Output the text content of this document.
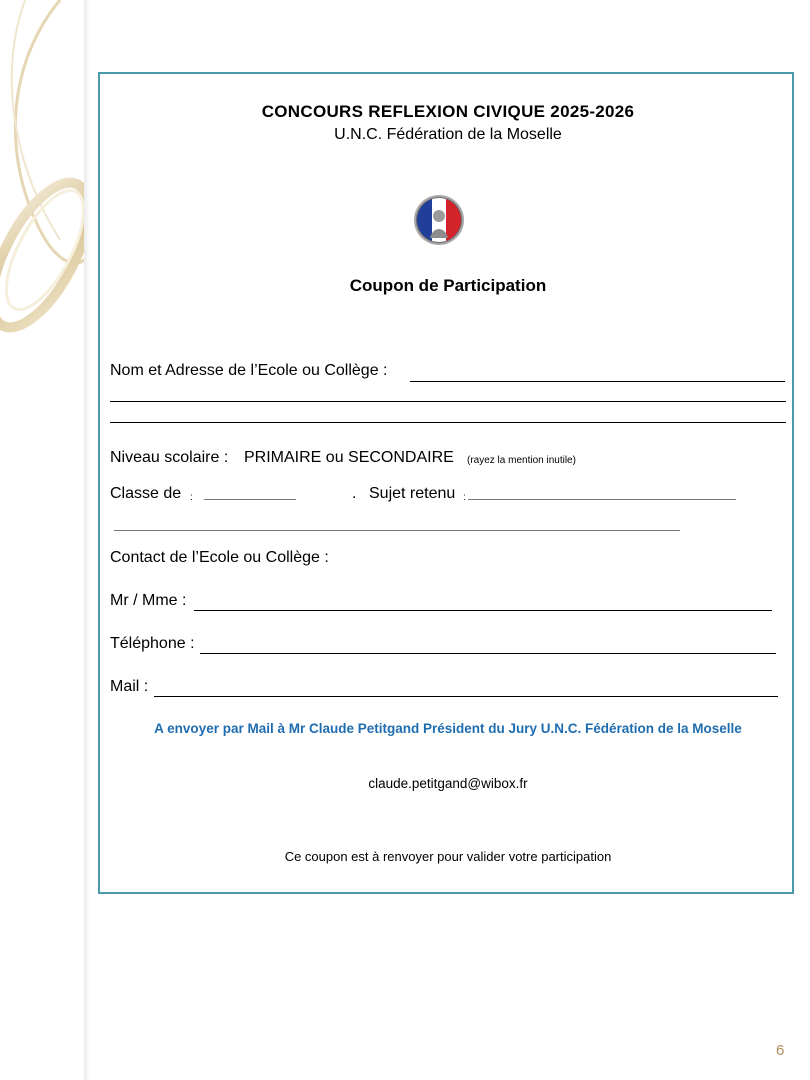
CONCOURS REFLEXION CIVIQUE 2025-2026
U.N.C. Fédération de la Moselle
Coupon de Participation
Nom et Adresse de l’Ecole ou Collège :
Niveau scolaire : PRIMAIRE ou SECONDAIRE (rayez la mention inutile)
Classe de :	. Sujet retenu :
Contact de l’Ecole ou Collège :
Mr / Mme :
Téléphone :
Mail :
A envoyer par Mail à Mr Claude Petitgand Président du Jury U.N.C. Fédération de la Moselle
claude.petitgand@wibox.fr
Ce coupon est à renvoyer pour valider votre participation
6
